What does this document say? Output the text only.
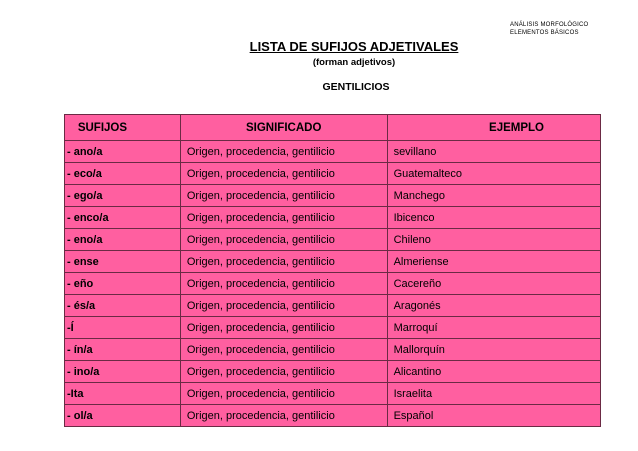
ANÁLISIS MORFOLÓGICO
ELEMENTOS BÁSICOS
LISTA DE SUFIJOS ADJETIVALES
(forman adjetivos)
GENTILICIOS
SUFIJOS	SIGNIFICADO	EJEMPLO
- ano/a	Origen, procedencia, gentilicio	sevillano
- eco/a	Origen, procedencia, gentilicio	Guatemalteco
- ego/a	Origen, procedencia, gentilicio	Manchego
- enco/a	Origen, procedencia, gentilicio	Ibicenco
- eno/a	Origen, procedencia, gentilicio	Chileno
- ense	Origen, procedencia, gentilicio	Almeriense
- eño	Origen, procedencia, gentilicio	Cacereño
- és/a	Origen, procedencia, gentilicio	Aragonés
-Í	Origen, procedencia, gentilicio	Marroquí
- ín/a	Origen, procedencia, gentilicio	Mallorquín
- ino/a	Origen, procedencia, gentilicio	Alicantino
-Ita	Origen, procedencia, gentilicio	Israelita
- ol/a	Origen, procedencia, gentilicio	Español
